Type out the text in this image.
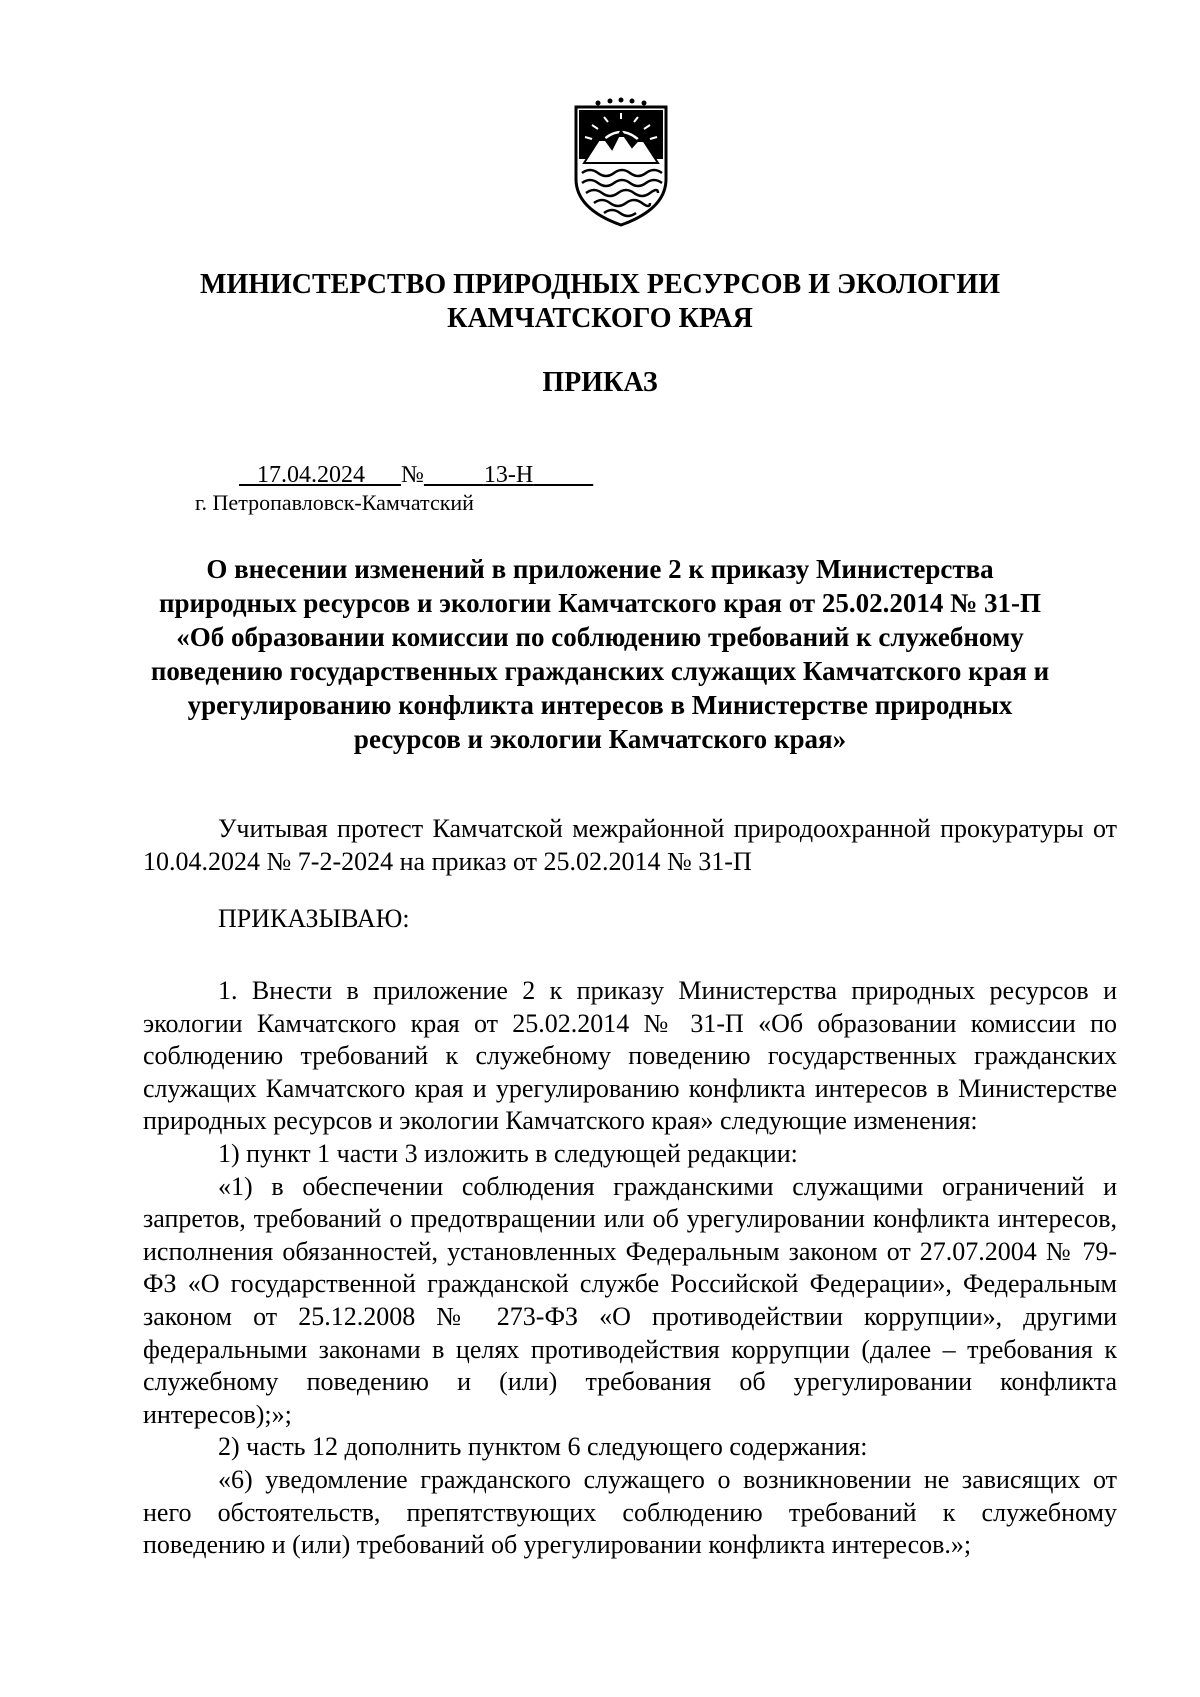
МИНИСТЕРСТВО ПРИРОДНЫХ РЕСУРСОВ И ЭКОЛОГИИ
КАМЧАТСКОГО КРАЯ
ПРИКАЗ
17.04.2024 №	13-Н
г. Петропавловск-Камчатский
О внесении изменений в приложение 2 к приказу Министерства
природных ресурсов и экологии Камчатского края от 25.02.2014 № 31-П
«Об образовании комиссии по соблюдению требований к служебному
поведению государственных гражданских служащих Камчатского края и
урегулированию конфликта интересов в Министерстве природных
ресурсов и экологии Камчатского края»

Учитывая протест Камчатской межрайонной природоохранной прокуратуры от 10.04.2024 № 7-2-2024 на приказ от 25.02.2014 № 31-П

ПРИКАЗЫВАЮ:

1. Внести в приложение 2 к приказу Министерства природных ресурсов и экологии Камчатского края от 25.02.2014 № 31-П «Об образовании комиссии по соблюдению требований к служебному поведению государственных гражданских служащих Камчатского края и урегулированию конфликта интересов в Министерстве природных ресурсов и экологии Камчатского края» следующие изменения:

1) пункт 1 части 3 изложить в следующей редакции:

«1) в обеспечении соблюдения гражданскими служащими ограничений и запретов, требований о предотвращении или об урегулировании конфликта интересов, исполнения обязанностей, установленных Федеральным законом от 27.07.2004 № 79-ФЗ «О государственной гражданской службе Российской Федерации», Федеральным законом от 25.12.2008 № 273-ФЗ «О противодействии коррупции», другими федеральными законами в целях противодействия коррупции (далее – требования к служебному поведению и (или) требования об урегулировании конфликта интересов);»;

2) часть 12 дополнить пунктом 6 следующего содержания:

«6) уведомление гражданского служащего о возникновении не зависящих от него обстоятельств, препятствующих соблюдению требований к служебному поведению и (или) требований об урегулировании конфликта интересов.»;
